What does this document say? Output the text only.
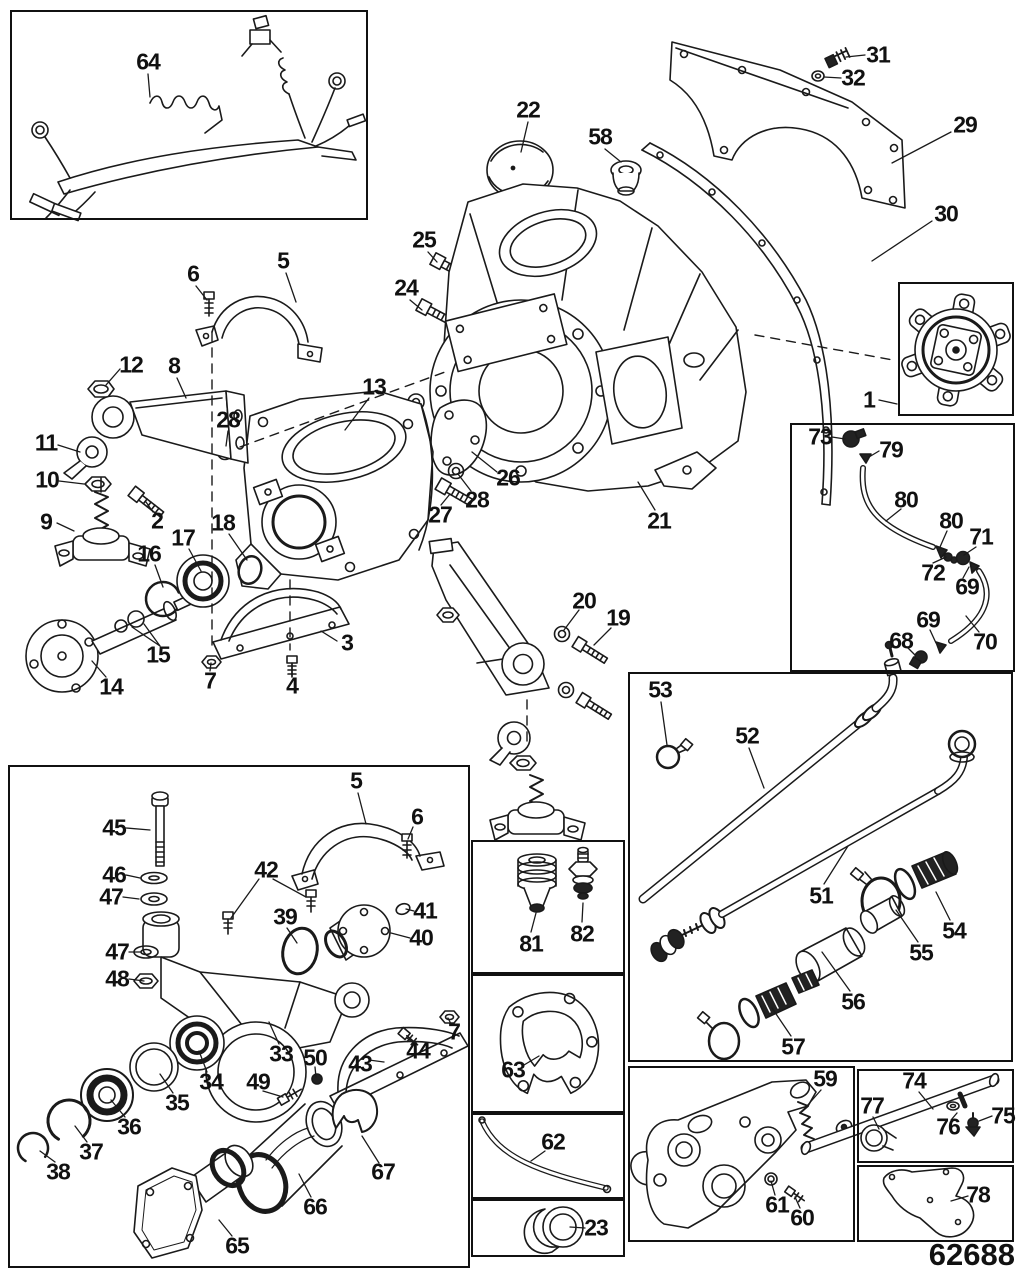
64	31
32
29
30
22
58
25
24
5
6
12 8
13
28
11
10
9	2
26
28
27	21
1
18
17
16
15
14	7
3
4
20
19
73 79
80
80
71
72
69
69
68	70
53
52
51
54
55
56
57
45
46
47
5
6
42
39	41
40
47
48
33 50
49
34
35
36
37
38
43 44
7
67
66
65
81 82
63
62
23
59
61 60
74
77
76 75
78
62688
